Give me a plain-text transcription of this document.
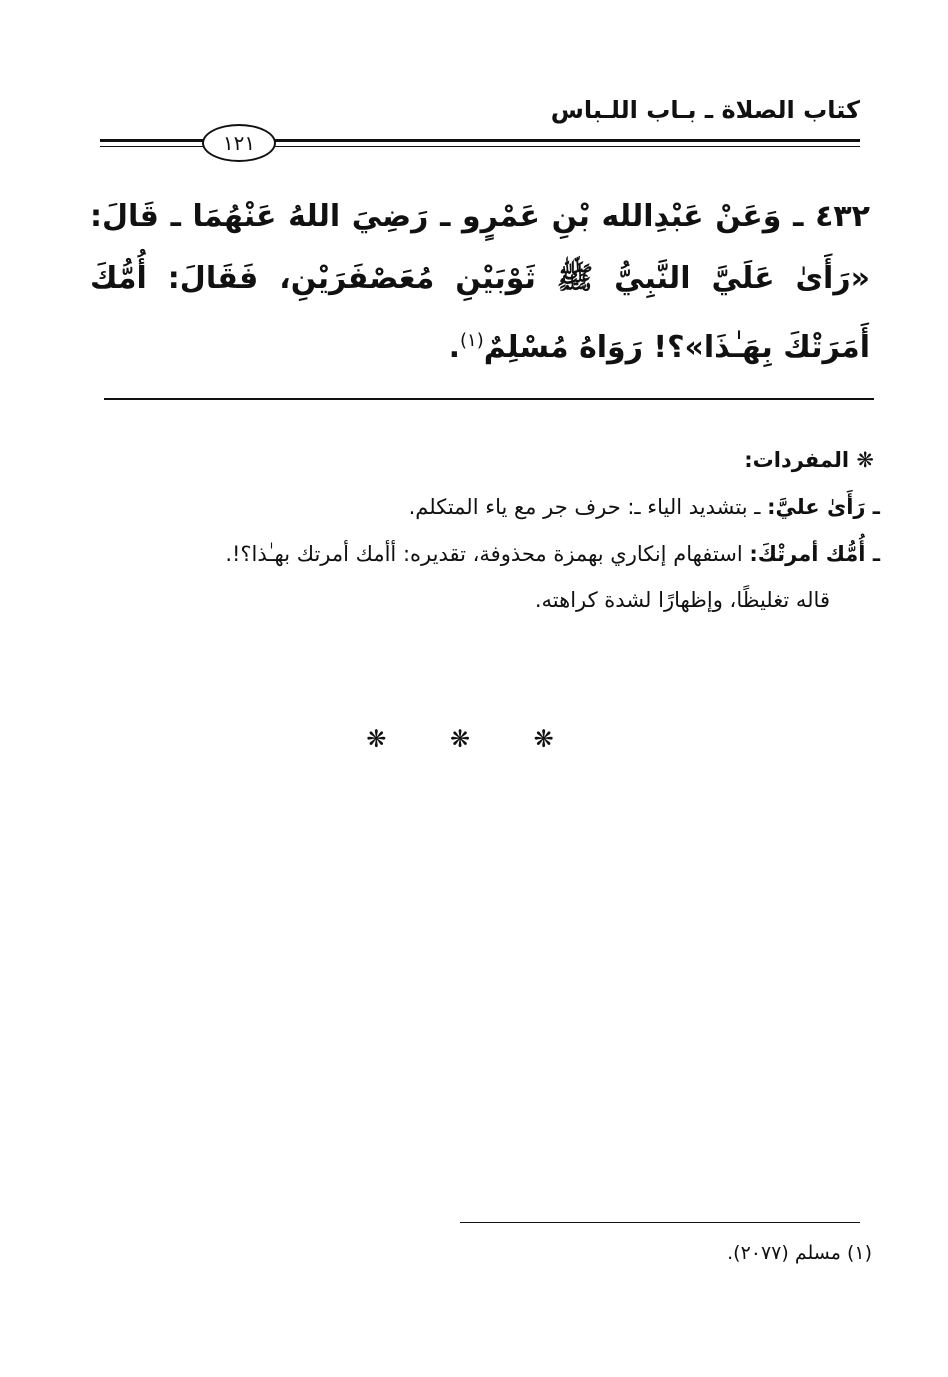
كتاب الصلاة ـ بـاب اللـباس
١٢١
٤٣٢ ـ وَعَنْ عَبْدِالله بْنِ عَمْرٍو ـ رَضِيَ اللهُ عَنْهُمَا ـ قَالَ: «رَأَىٰ عَلَيَّ النَّبِيُّ ﷺ ثَوْبَيْنِ مُعَصْفَرَيْنِ، فَقَالَ: أُمُّكَ أَمَرَتْكَ بِهَـٰذَا»؟! رَوَاهُ مُسْلِمٌ$^{(١)}$.
❋ المفردات:
ـ رَأَىٰ عليَّ: ـ بتشديد الياء ـ: حرف جر مع ياء المتكلم.
ـ أُمُّك أمرتْكَ: استفهام إنكاري بهمزة محذوفة، تقديره: أأمك أمرتك بهـٰذا؟!.
قاله تغليظًا، وإظهارًا لشدة كراهته.
❋ ❋ ❋
(١) مسلم (٢٠٧٧).
